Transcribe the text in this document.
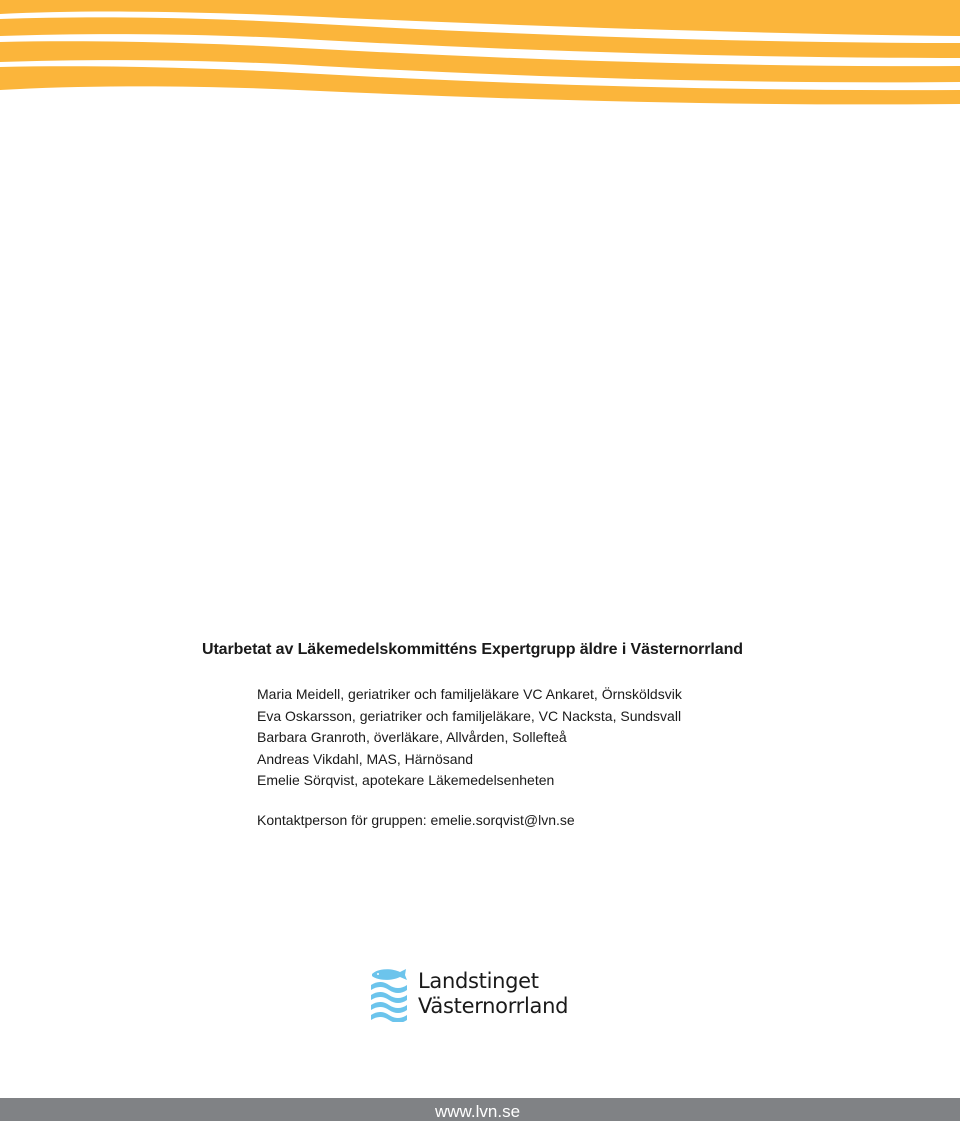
Utarbetat av Läkemedelskommitténs Expertgrupp äldre i Västernorrland
Maria Meidell, geriatriker och familjeläkare VC Ankaret, Örnsköldsvik
Eva Oskarsson, geriatriker och familjeläkare, VC Nacksta, Sundsvall
Barbara Granroth, överläkare, Allvården, Sollefteå
Andreas Vikdahl, MAS, Härnösand
Emelie Sörqvist, apotekare Läkemedelsenheten
Kontaktperson för gruppen: emelie.sorqvist@lvn.se
Landstinget
Västernorrland
www.lvn.se
